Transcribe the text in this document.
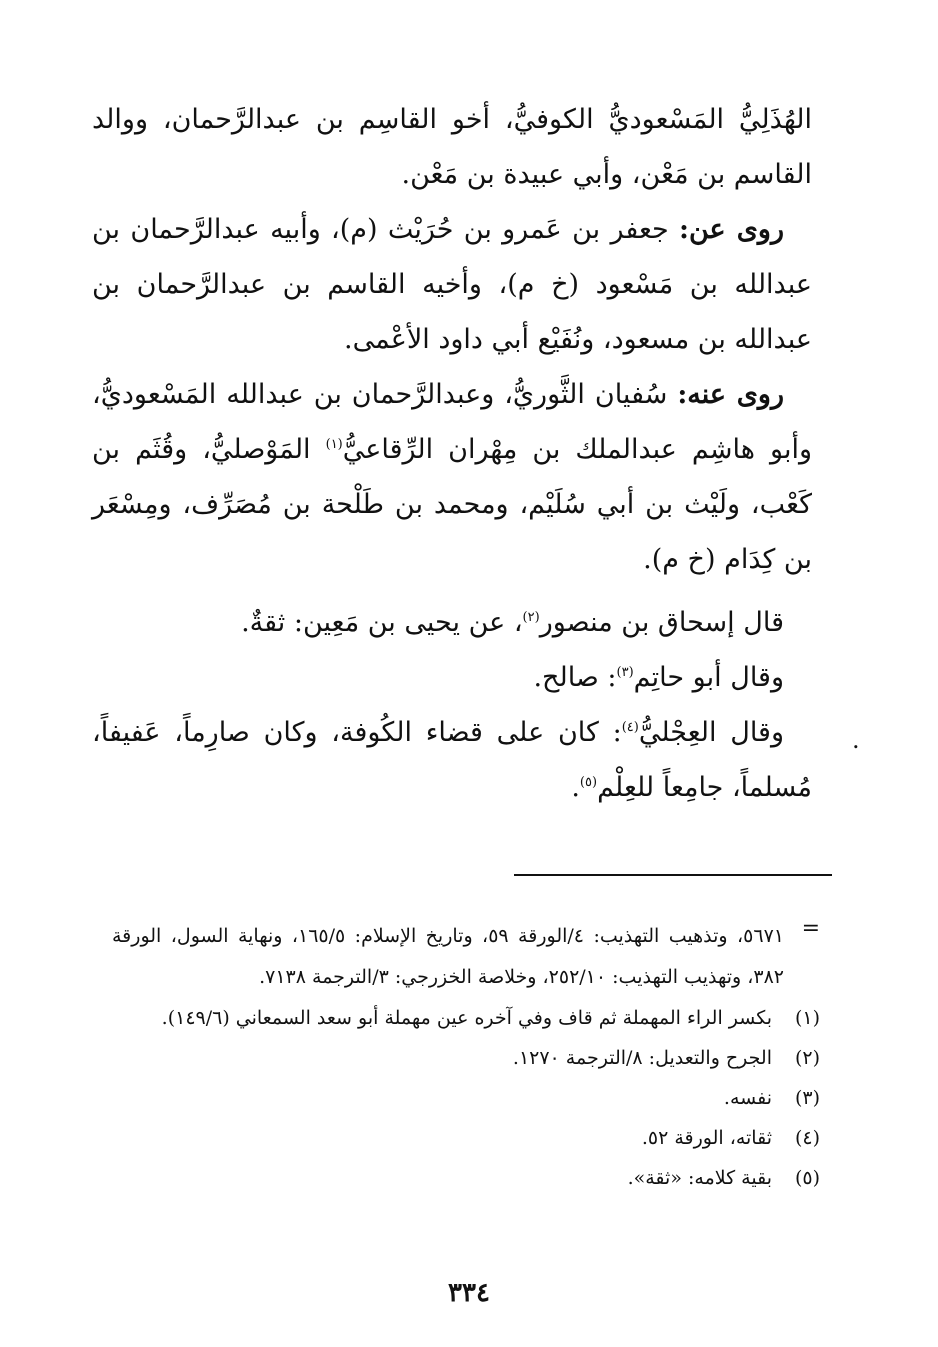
الهُذَلِيُّ المَسْعوديُّ الكوفيُّ، أخو القاسِم بن عبدالرَّحمان، ووالد القاسم بن مَعْن، وأبي عبيدة بن مَعْن.

روى عن: جعفر بن عَمرو بن حُرَيْث (م)، وأبيه عبدالرَّحمان بن عبدالله بن مَسْعود (خ م)، وأخيه القاسم بن عبدالرَّحمان بن عبدالله بن مسعود، ونُفَيْع أبي داود الأعْمى.

روى عنه: سُفيان الثَّوريُّ، وعبدالرَّحمان بن عبدالله المَسْعوديُّ، وأبو هاشِم عبدالملك بن مِهْران الرِّقاعيُّ$^{(١)}$ المَوْصليُّ، وقُثَم بن كَعْب، ولَيْث بن أبي سُلَيْم، ومحمد بن طَلْحة بن مُصَرِّف، ومِسْعَر بن كِدَام (خ م).

قال إسحاق بن منصور$^{(٢)}$، عن يحيى بن مَعِين: ثقةٌ.

وقال أبو حاتِم$^{(٣)}$: صالح.

وقال العِجْليُّ$^{(٤)}$: كان على قضاء الكُوفة، وكان صارِماً، عَفيفاً، مُسلماً، جامِعاً للعِلْم$^{(٥)}$.

.
=
٥٦٧١، وتذهيب التهذيب: ٤/الورقة ٥٩، وتاريخ الإسلام: ١٦٥/٥، ونهاية السول، الورقة ٣٨٢، وتهذيب التهذيب: ٢٥٢/١٠، وخلاصة الخزرجي: ٣/الترجمة ٧١٣٨.
(١)
بكسر الراء المهملة ثم قاف وفي آخره عين مهملة أبو سعد السمعاني (١٤٩/٦).
(٢)
الجرح والتعديل: ٨/الترجمة ١٢٧٠.
(٣)
نفسه.
(٤)
ثقاته، الورقة ٥٢.
(٥)
بقية كلامه: «ثقة».
٣٣٤
